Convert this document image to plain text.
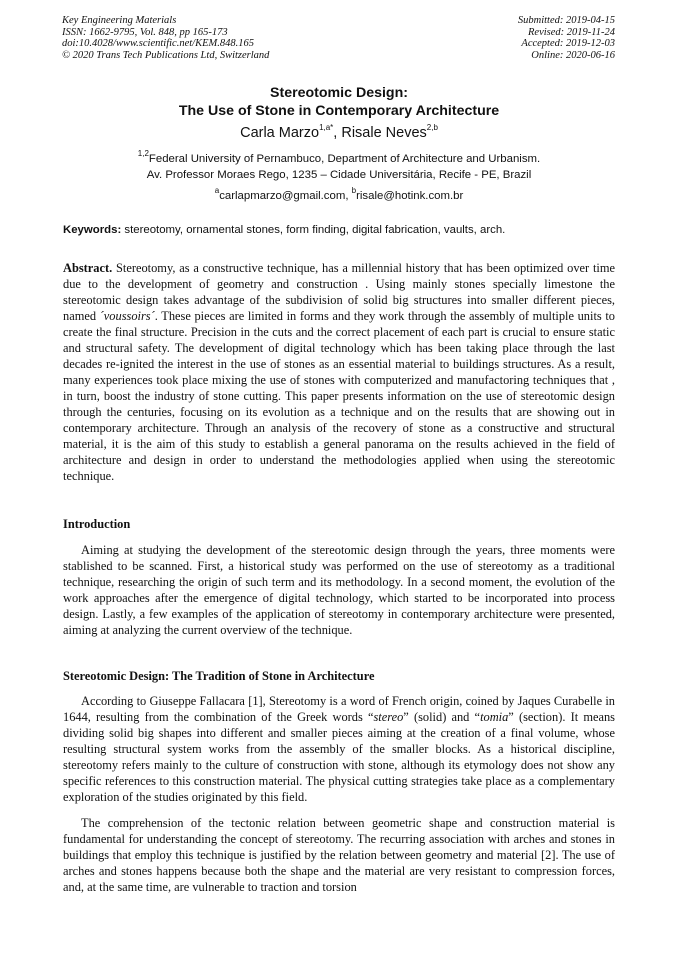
Key Engineering Materials
ISSN: 1662-9795, Vol. 848, pp 165-173
doi:10.4028/www.scientific.net/KEM.848.165
© 2020 Trans Tech Publications Ltd, Switzerland
Submitted: 2019-04-15
Revised: 2019-11-24
Accepted: 2019-12-03
Online: 2020-06-16
Stereotomic Design:
The Use of Stone in Contemporary Architecture
Carla Marzo$^{1,a*}$, Risale Neves$^{2,b}$
$^{1,2}$Federal University of Pernambuco, Department of Architecture and Urbanism.
Av. Professor Moraes Rego, 1235 – Cidade Universitária, Recife - PE, Brazil
$^a$carlapmarzo@gmail.com, $^b$risale@hotink.com.br
Keywords: stereotomy, ornamental stones, form finding, digital fabrication, vaults, arch.
Abstract. Stereotomy, as a constructive technique, has a millennial history that has been optimized over time due to the development of geometry and construction . Using mainly stones specially limestone the stereotomic design takes advantage of the subdivision of solid big structures into smaller different pieces, named ´voussoirs´. These pieces are limited in forms and they work through the assembly of multiple units to create the final structure. Precision in the cuts and the correct placement of each part is crucial to ensure static and structural safety. The development of digital technology which has been taking place through the last decades re-ignited the interest in the use of stones as an essential material to buildings structures. As a result, many experiences took place mixing the use of stones with computerized and manufactoring techniques that , in turn, boost the industry of stone cutting. This paper presents information on the use of stereotomic design through the centuries, focusing on its evolution as a technique and on the results that are showing out in contemporary architecture. Through an analysis of the recovery of stone as a constructive and structural material, it is the aim of this study to establish a general panorama on the results achieved in the field of architecture and design in order to understand the methodologies applied when using the stereotomic technique.
Introduction
Aiming at studying the development of the stereotomic design through the years, three moments were stablished to be scanned. First, a historical study was performed on the use of stereotomy as a traditional technique, researching the origin of such term and its methodology. In a second moment, the evolution of the work approaches after the emergence of digital technology, which started to be incorporated into process design. Lastly, a few examples of the application of stereotomy in contemporary architecture were presented, aiming at analyzing the current overview of the technique.
Stereotomic Design: The Tradition of Stone in Architecture
According to Giuseppe Fallacara [1], Stereotomy is a word of French origin, coined by Jaques Curabelle in 1644, resulting from the combination of the Greek words “stereo” (solid) and “tomia” (section). It means dividing solid big shapes into different and smaller pieces aiming at the creation of a final volume, whose resulting structural system works from the assembly of the smaller blocks. As a historical discipline, stereotomy refers mainly to the culture of construction with stone, although its etymology does not show any specific references to this construction material. The physical cutting strategies take place as a complementary exploration of the studies originated by this field.
The comprehension of the tectonic relation between geometric shape and construction material is fundamental for understanding the concept of stereotomy. The recurring association with arches and stones in buildings that employ this technique is justified by the relation between geometry and material [2]. The use of arches and stones happens because both the shape and the material are very resistant to compression forces, and, at the same time, are vulnerable to traction and torsion
